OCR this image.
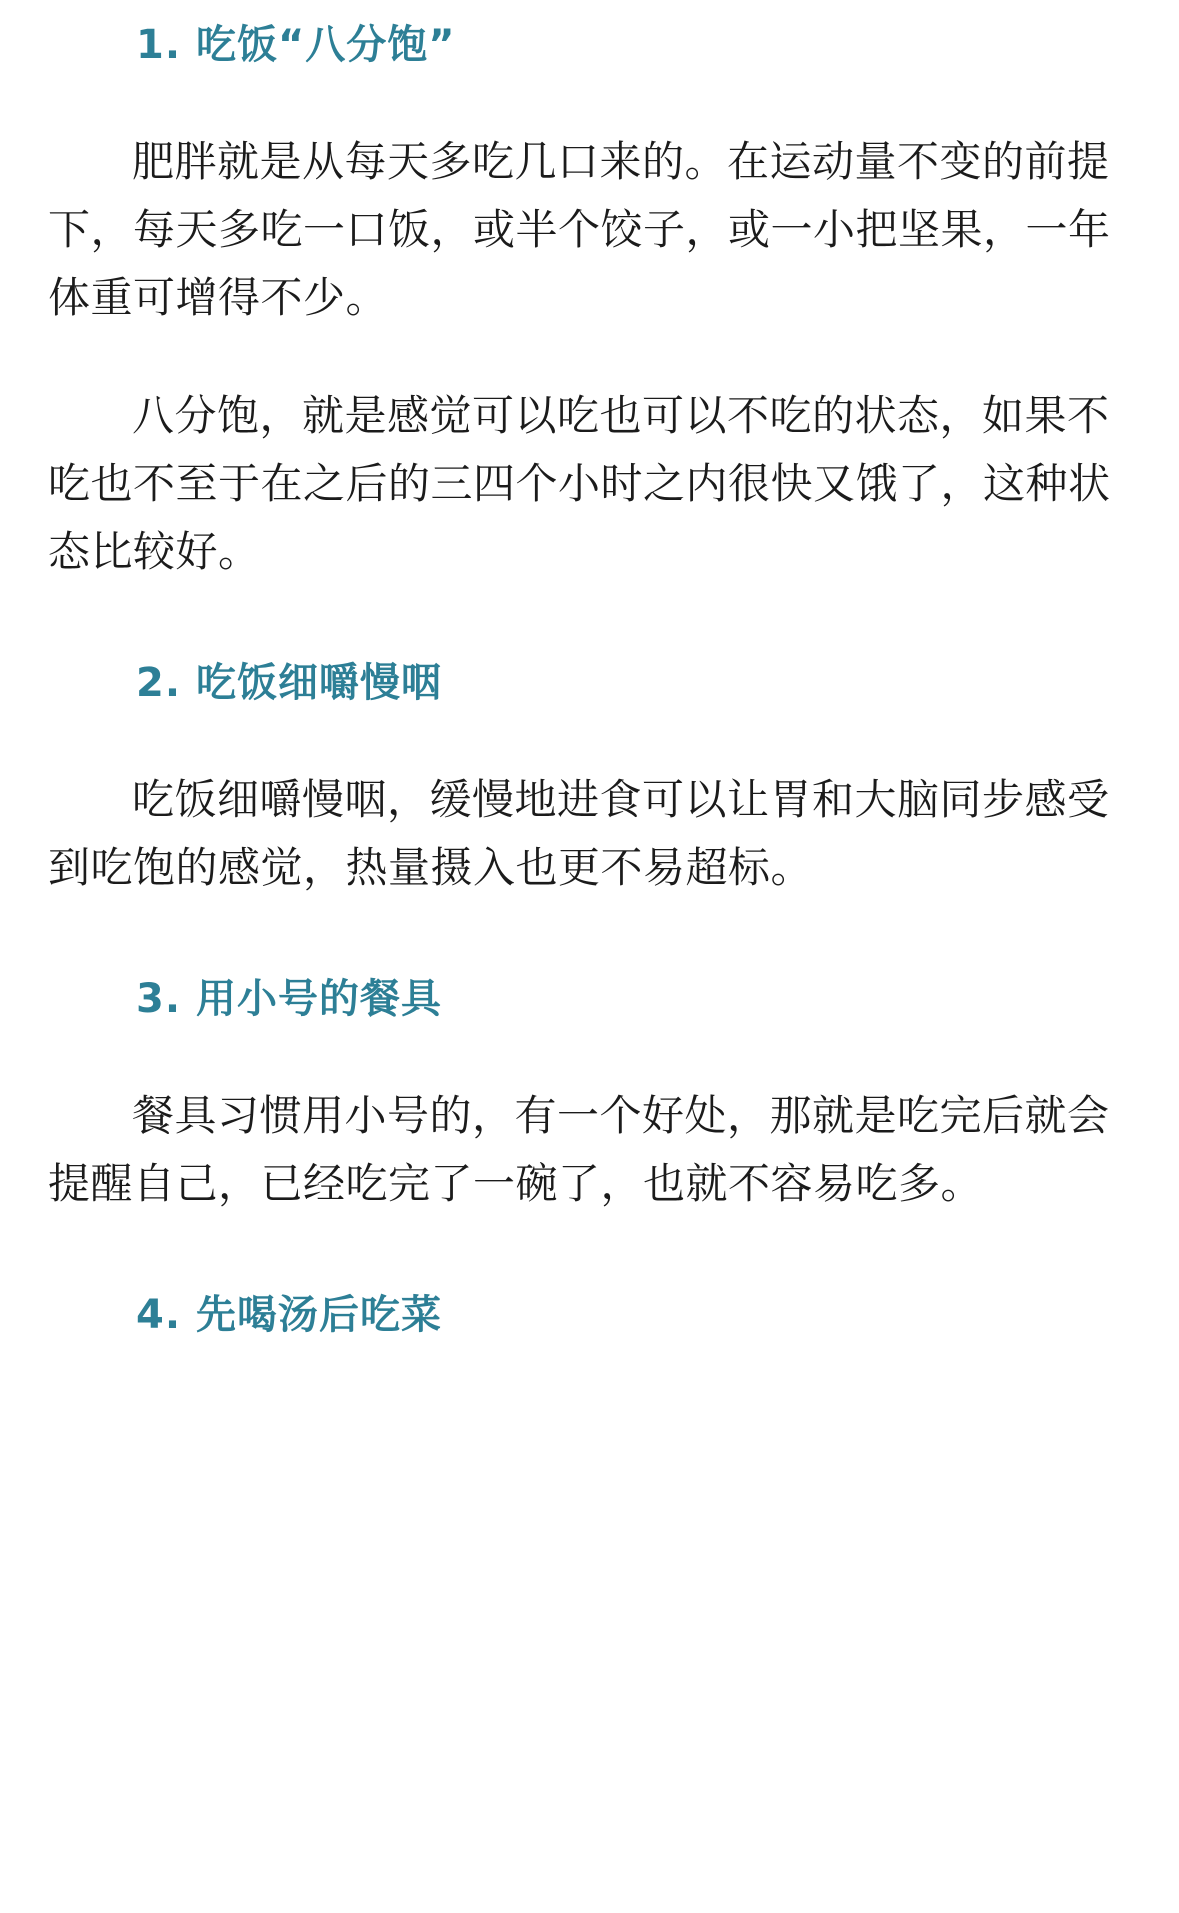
1. 吃饭“八分饱”

肥胖就是从每天多吃几口来的。在运动量不变的前提下，每天多吃一口饭，或半个饺子，或一小把坚果，一年体重可增得不少。

八分饱，就是感觉可以吃也可以不吃的状态，如果不吃也不至于在之后的三四个小时之内很快又饿了，这种状态比较好。

2. 吃饭细嚼慢咽

吃饭细嚼慢咽，缓慢地进食可以让胃和大脑同步感受到吃饱的感觉，热量摄入也更不易超标。

3. 用小号的餐具

餐具习惯用小号的，有一个好处，那就是吃完后就会提醒自己，已经吃完了一碗了，也就不容易吃多。

4. 先喝汤后吃菜
